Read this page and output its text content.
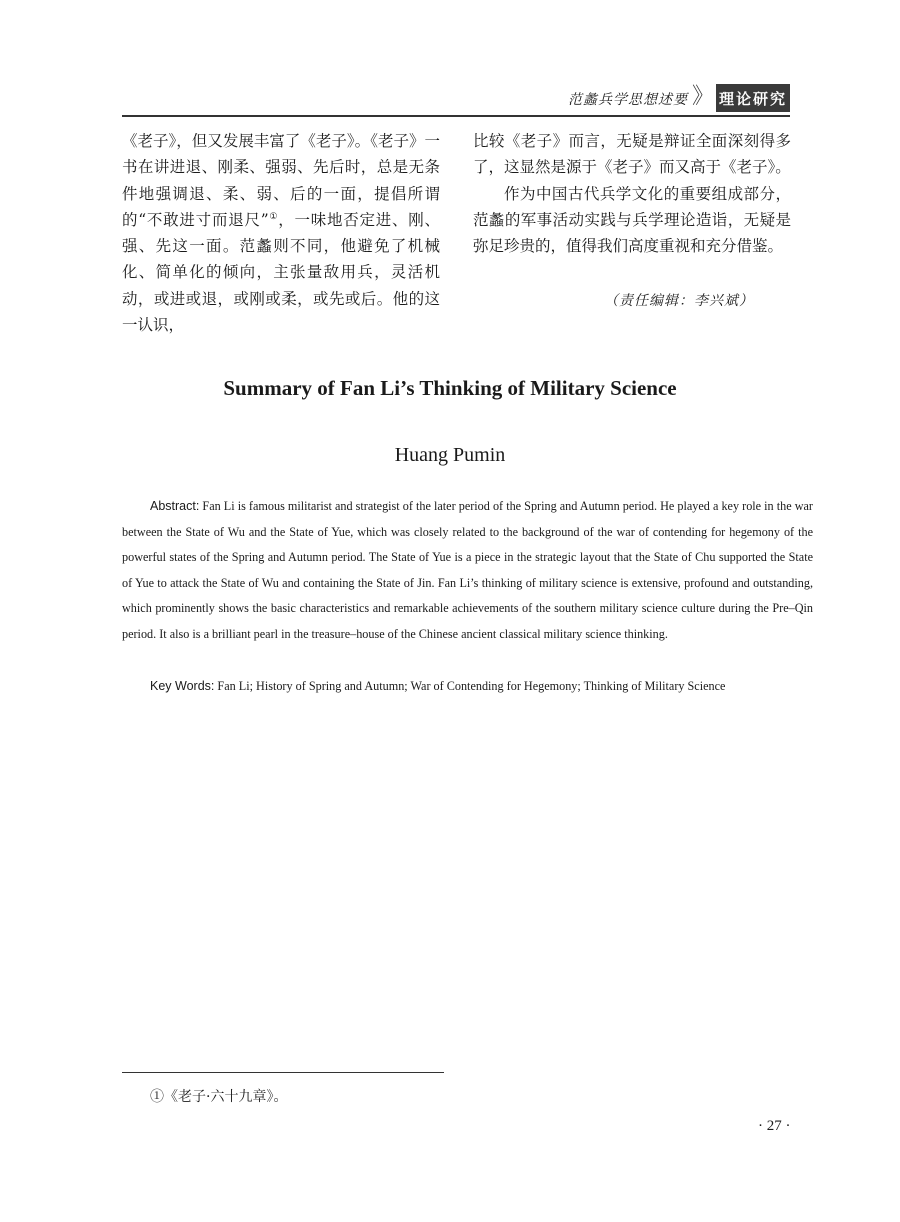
范蠡兵学思想述要 》 理论研究

《老子》，但又发展丰富了《老子》。《老子》一书在讲进退、刚柔、强弱、先后时，总是无条件地强调退、柔、弱、后的一面，提倡所谓的“不敢进寸而退尺”①，一味地否定进、刚、强、先这一面。范蠡则不同，他避免了机械化、简单化的倾向，主张量敌用兵，灵活机动，或进或退，或刚或柔，或先或后。他的这一认识，

比较《老子》而言，无疑是辩证全面深刻得多了，这显然是源于《老子》而又高于《老子》。

作为中国古代兵学文化的重要组成部分，范蠡的军事活动实践与兵学理论造诣，无疑是弥足珍贵的，值得我们高度重视和充分借鉴。

（责任编辑：李兴斌）
Summary of Fan Li’s Thinking of Military Science
Huang Pumin

Abstract: Fan Li is famous militarist and strategist of the later period of the Spring and Autumn period. He played a key role in the war between the State of Wu and the State of Yue, which was closely related to the background of the war of contending for hegemony of the powerful states of the Spring and Autumn period. The State of Yue is a piece in the strategic layout that the State of Chu supported the State of Yue to attack the State of Wu and containing the State of Jin. Fan Li’s thinking of military science is extensive, profound and outstanding, which prominently shows the basic characteristics and remarkable achievements of the southern military science culture during the Pre–Qin period. It also is a brilliant pearl in the treasure–house of the Chinese ancient classical military science thinking.

Key Words: Fan Li; History of Spring and Autumn; War of Contending for Hegemony; Thinking of Military Science

①《老子·六十九章》。
· 27 ·
